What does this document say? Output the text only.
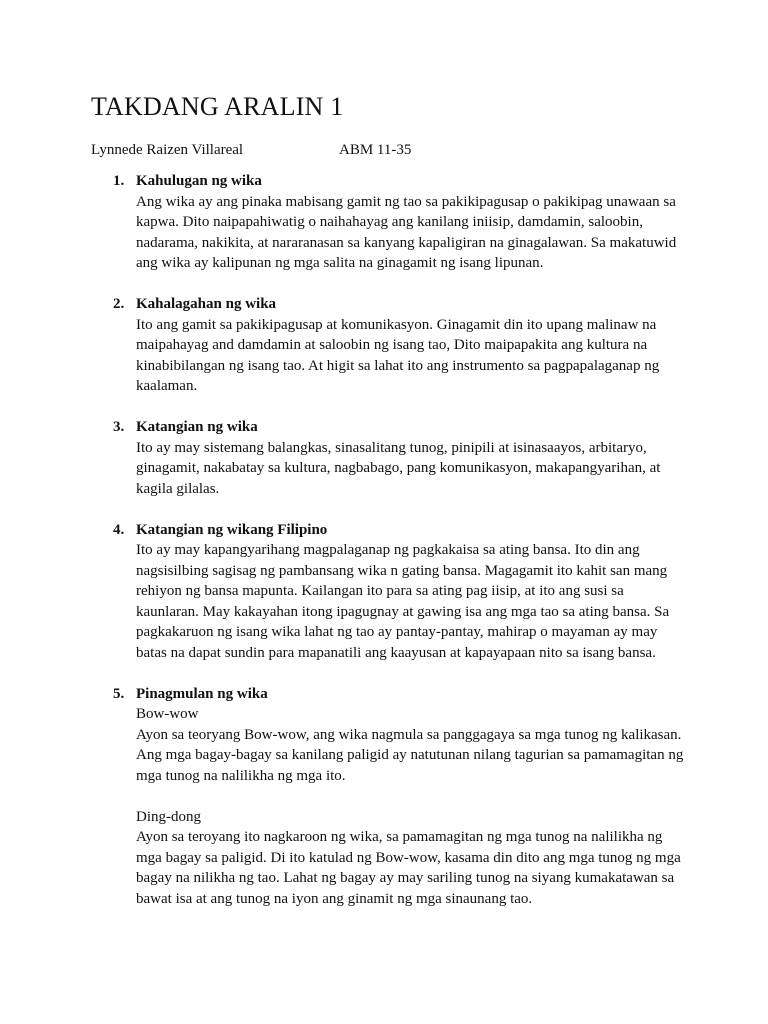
TAKDANG ARALIN 1
Lynnede Raizen Villareal	ABM 11-35
1. Kahulugan ng wika

Ang wika ay ang pinaka mabisang gamit ng tao sa pakikipagusap o pakikipag unawaan sa kapwa. Dito naipapahiwatig o naihahayag ang kanilang iniisip, damdamin, saloobin, nadarama, nakikita, at nararanasan sa kanyang kapaligiran na ginagalawan. Sa makatuwid ang wika ay kalipunan ng mga salita na ginagamit ng isang lipunan.

2. Kahalagahan ng wika

Ito ang gamit sa pakikipagusap at komunikasyon. Ginagamit din ito upang malinaw na maipahayag and damdamin at saloobin ng isang tao, Dito maipapakita ang kultura na kinabibilangan ng isang tao. At higit sa lahat ito ang instrumento sa pagpapalaganap ng kaalaman.

3. Katangian ng wika

Ito ay may sistemang balangkas, sinasalitang tunog, pinipili at isinasaayos, arbitaryo, ginagamit, nakabatay sa kultura, nagbabago, pang komunikasyon, makapangyarihan, at kagila gilalas.

4. Katangian ng wikang Filipino

Ito ay may kapangyarihang magpalaganap ng pagkakaisa sa ating bansa. Ito din ang nagsisilbing sagisag ng pambansang wika n gating bansa. Magagamit ito kahit san mang rehiyon ng bansa mapunta. Kailangan ito para sa ating pag iisip, at ito ang susi sa kaunlaran. May kakayahan itong ipagugnay at gawing isa ang mga tao sa ating bansa. Sa pagkakaruon ng isang wika lahat ng tao ay pantay-pantay, mahirap o mayaman ay may batas na dapat sundin para mapanatili ang kaayusan at kapayapaan nito sa isang bansa.

5. Pinagmulan ng wika
Bow-wow

Ayon sa teoryang Bow-wow, ang wika nagmula sa panggagaya sa mga tunog ng kalikasan. Ang mga bagay-bagay sa kanilang paligid ay natutunan nilang tagurian sa pamamagitan ng mga tunog na nalilikha ng mga ito.

Ding-dong

Ayon sa teroyang ito nagkaroon ng wika, sa pamamagitan ng mga tunog na nalilikha ng mga bagay sa paligid. Di ito katulad ng Bow-wow, kasama din dito ang mga tunog ng mga bagay na nilikha ng tao. Lahat ng bagay ay may sariling tunog na siyang kumakatawan sa bawat isa at ang tunog na iyon ang ginamit ng mga sinaunang tao.
